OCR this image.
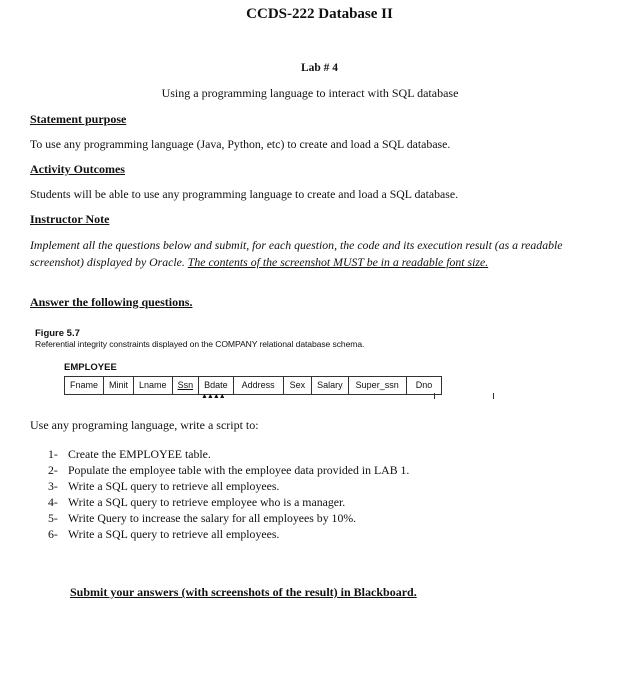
CCDS-222 Database II
Lab # 4
Using a programming language to interact with SQL database
Statement purpose
To use any programming language (Java, Python, etc) to create and load a SQL database.
Activity Outcomes
Students will be able to use any programming language to create and load a SQL database.
Instructor Note
Implement all the questions below and submit, for each question, the code and its execution result (as a readable screenshot) displayed by Oracle. The contents of the screenshot MUST be in a readable font size.
Answer the following questions.
Figure 5.7
Referential integrity constraints displayed on the COMPANY relational database schema.
EMPLOYEE
Fname	Minit	Lname	Ssn	Bdate	Address	Sex	Salary	Super_ssn	Dno
▲▲▲▲
Use any programing language, write a script to:
1- Create the EMPLOYEE table.
2- Populate the employee table with the employee data provided in LAB 1.
3- Write a SQL query to retrieve all employees.
4- Write a SQL query to retrieve employee who is a manager.
5- Write Query to increase the salary for all employees by 10%.
6- Write a SQL query to retrieve all employees.
Submit your answers (with screenshots of the result) in Blackboard.
